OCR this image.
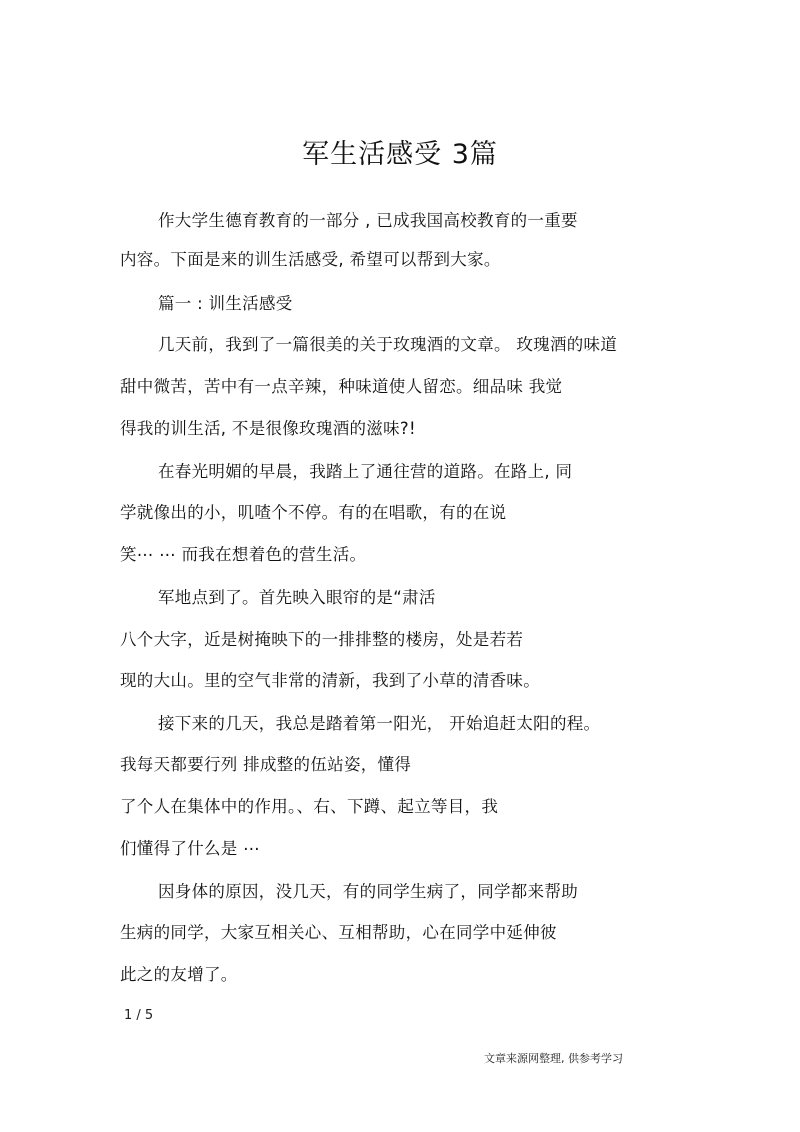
军生活感受 3篇
作大学生德育教育的一部分 , 已成我国高校教育的一重要
内容。下面是来的训生活感受, 希望可以帮到大家。
篇一 : 训生活感受
几天前，我到了一篇很美的关于玫瑰酒的文章。 玫瑰酒的味道
甜中微苦，苦中有一点辛辣，种味道使人留恋。细品味 我觉
得我的训生活, 不是很像玫瑰酒的滋味?!
在春光明媚的早晨，我踏上了通往营的道路。在路上, 同
学就像出的小，叽喳个不停。有的在唱歌，有的在说
笑⋯ ⋯ 而我在想着色的营生活。
军地点到了。首先映入眼帘的是“肃活
八个大字，近是树掩映下的一排排整的楼房，处是若若
现的大山。里的空气非常的清新，我到了小草的清香味。
接下来的几天，我总是踏着第一阳光， 开始追赶太阳的程。
我每天都要行列 排成整的伍站姿，懂得
了个人在集体中的作用。、右、下蹲、起立等目，我
们懂得了什么是 ⋯
因身体的原因，没几天，有的同学生病了，同学都来帮助
生病的同学，大家互相关心、互相帮助，心在同学中延伸彼
此之的友增了。
1 / 5
文章来源网整理, 供参考学习
